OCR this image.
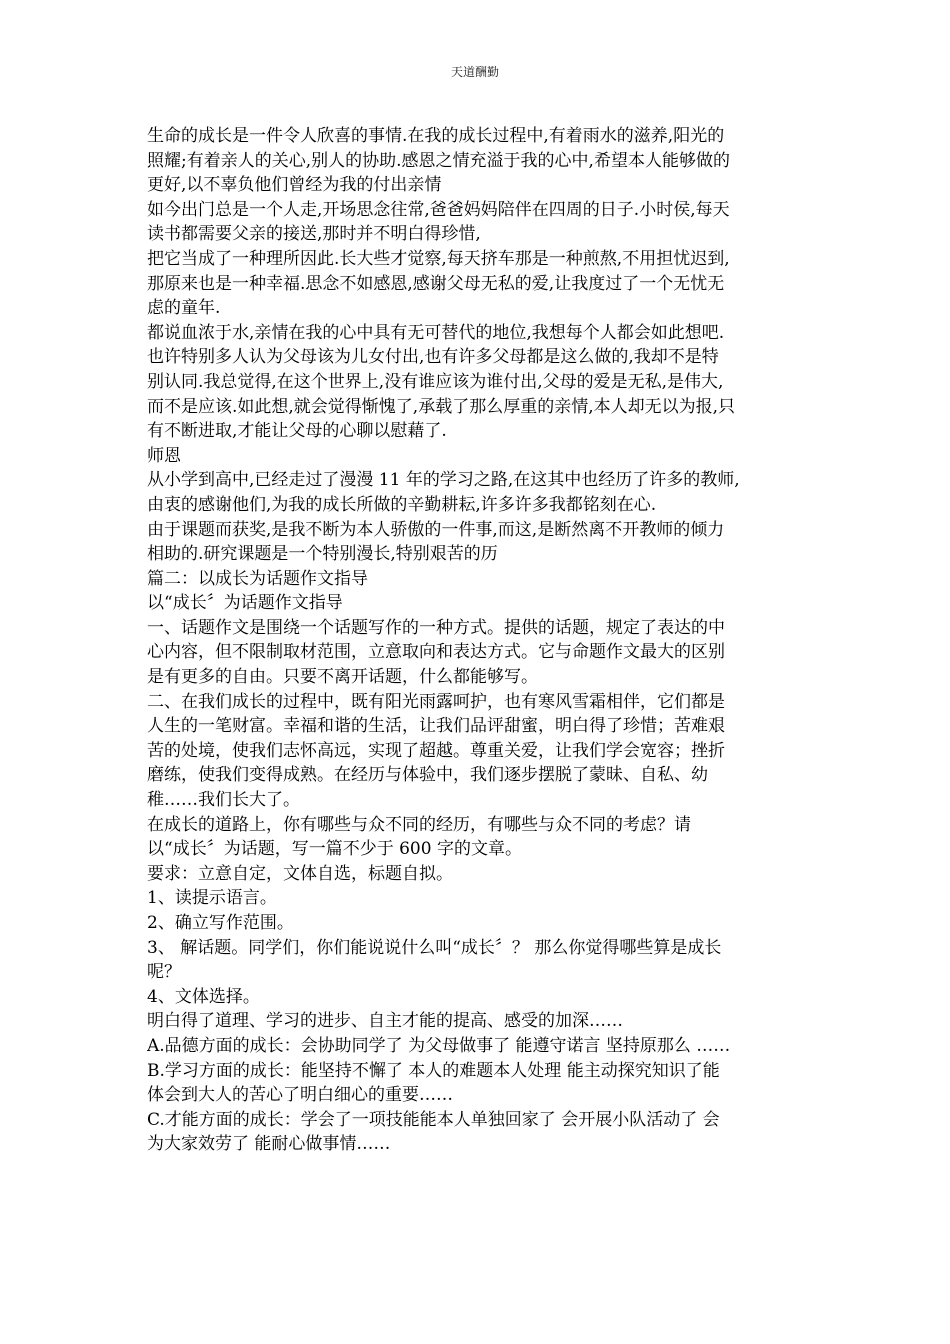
天道酬勤
生命的成长是一件令人欣喜的事情.在我的成长过程中,有着雨水的滋养,阳光的
照耀;有着亲人的关心,别人的协助.感恩之情充溢于我的心中,希望本人能够做的
更好,以不辜负他们曾经为我的付出亲情
如今出门总是一个人走,开场思念往常,爸爸妈妈陪伴在四周的日子.小时侯,每天
读书都需要父亲的接送,那时并不明白得珍惜,
把它当成了一种理所因此.长大些才觉察,每天挤车那是一种煎熬,不用担忧迟到,
那原来也是一种幸福.思念不如感恩,感谢父母无私的爱,让我度过了一个无忧无
虑的童年.
都说血浓于水,亲情在我的心中具有无可替代的地位,我想每个人都会如此想吧.
也许特别多人认为父母该为儿女付出,也有许多父母都是这么做的,我却不是特
别认同.我总觉得,在这个世界上,没有谁应该为谁付出,父母的爱是无私,是伟大,
而不是应该.如此想,就会觉得惭愧了,承载了那么厚重的亲情,本人却无以为报,只
有不断进取,才能让父母的心聊以慰藉了.
师恩
从小学到高中,已经走过了漫漫 11 年的学习之路,在这其中也经历了许多的教师,
由衷的感谢他们,为我的成长所做的辛勤耕耘,许多许多我都铭刻在心.
由于课题而获奖,是我不断为本人骄傲的一件事,而这,是断然离不开教师的倾力
相助的.研究课题是一个特别漫长,特别艰苦的历
篇二：以成长为话题作文指导
以“成长〞为话题作文指导
一、话题作文是围绕一个话题写作的一种方式。提供的话题，规定了表达的中
心内容，但不限制取材范围，立意取向和表达方式。它与命题作文最大的区别
是有更多的自由。只要不离开话题，什么都能够写。
二、在我们成长的过程中，既有阳光雨露呵护，也有寒风雪霜相伴，它们都是
人生的一笔财富。幸福和谐的生活，让我们品评甜蜜，明白得了珍惜；苦难艰
苦的处境，使我们志怀高远，实现了超越。尊重关爱，让我们学会宽容；挫折
磨练，使我们变得成熟。在经历与体验中，我们逐步摆脱了蒙昧、自私、幼
稚……我们长大了。
在成长的道路上，你有哪些与众不同的经历，有哪些与众不同的考虑？请
以“成长〞为话题，写一篇不少于 600 字的文章。
要求：立意自定，文体自选，标题自拟。
1、读提示语言。
2、确立写作范围。
3、 解话题。同学们，你们能说说什么叫“成长〞？ 那么你觉得哪些算是成长
呢？
4、文体选择。
明白得了道理、学习的进步、自主才能的提高、感受的加深……
A.品德方面的成长：会协助同学了 为父母做事了 能遵守诺言 坚持原那么 ……
B.学习方面的成长：能坚持不懈了 本人的难题本人处理 能主动探究知识了能
体会到大人的苦心了明白细心的重要……
C.才能方面的成长：学会了一项技能能本人单独回家了 会开展小队活动了 会
为大家效劳了 能耐心做事情……
